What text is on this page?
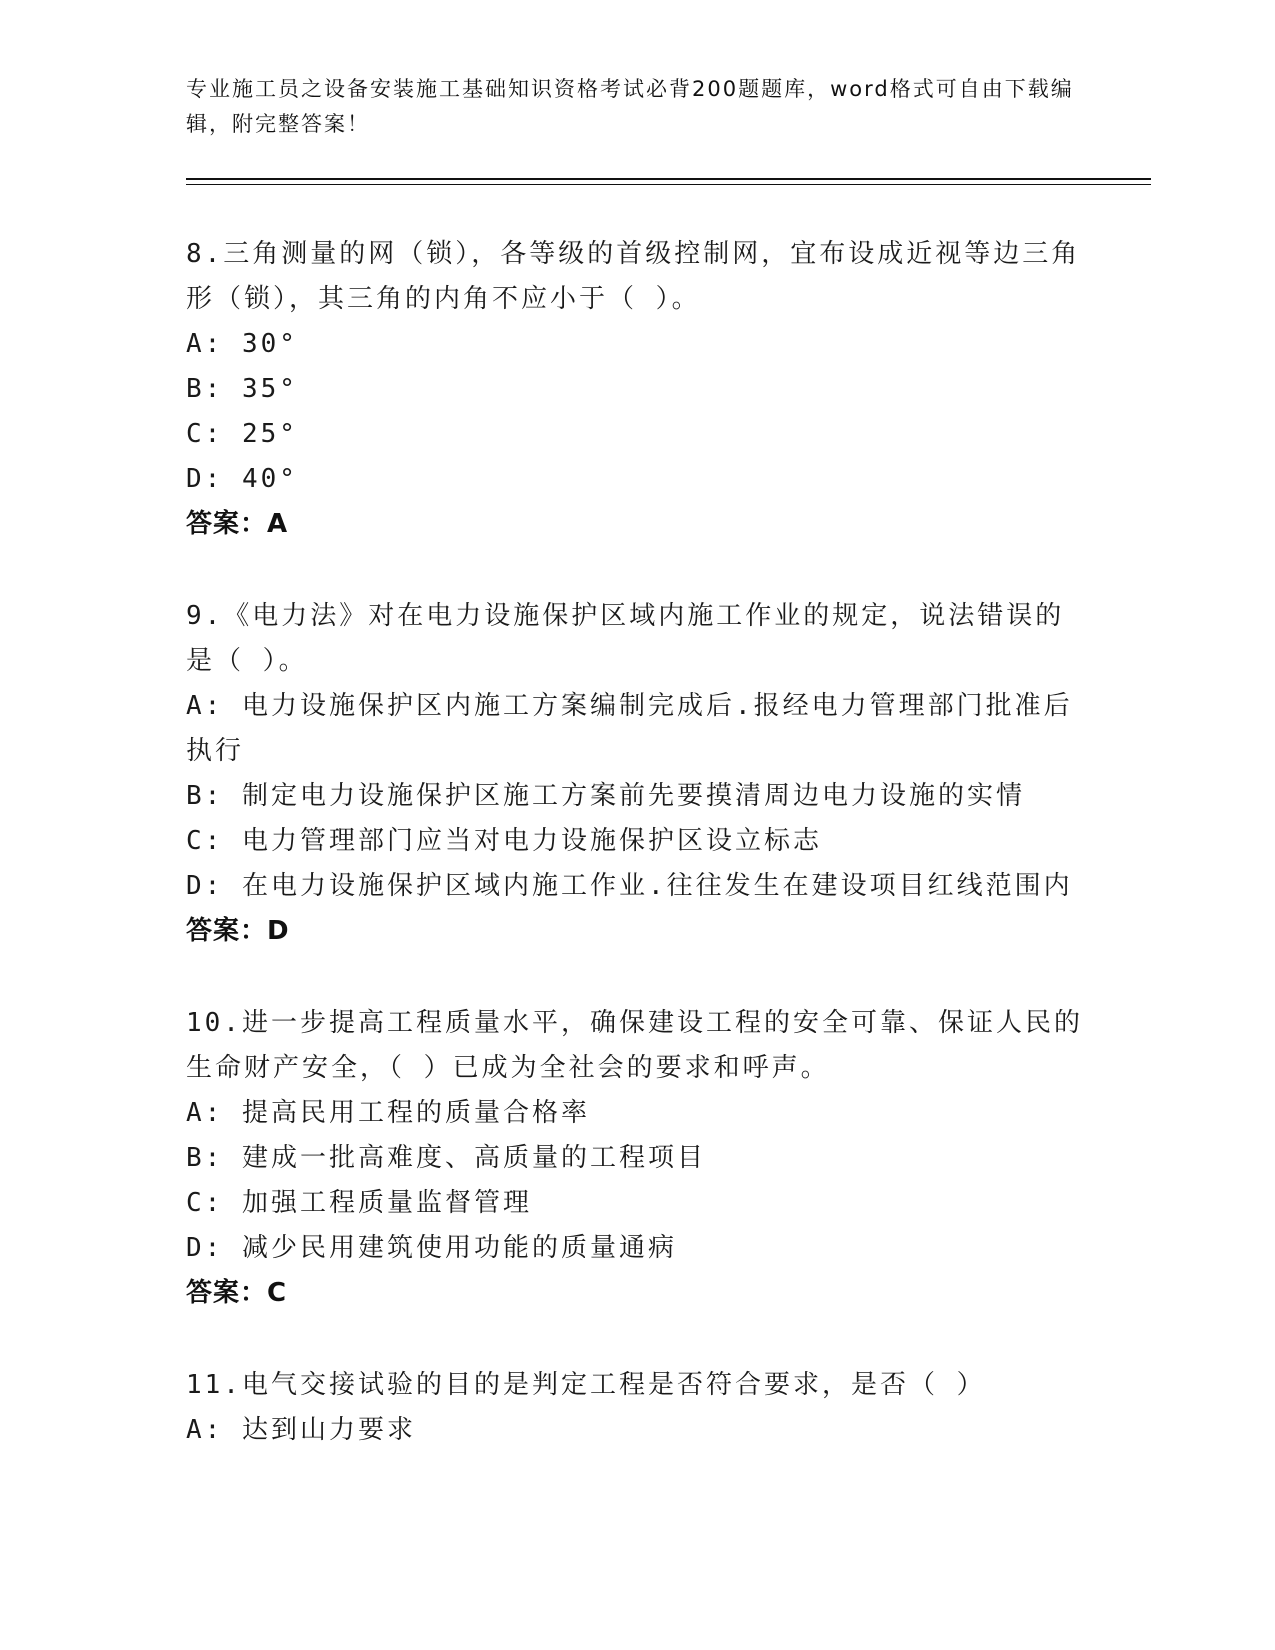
专业施工员之设备安装施工基础知识资格考试必背200题题库，word格式可自由下载编辑，附完整答案！
8.三角测量的网（锁），各等级的首级控制网，宜布设成近视等边三角形（锁），其三角的内角不应小于（ ）。
A: 30°
B: 35°
C: 25°
D: 40°
答案：A
9.《电力法》对在电力设施保护区域内施工作业的规定，说法错误的是（ ）。
A: 电力设施保护区内施工方案编制完成后.报经电力管理部门批准后执行
B: 制定电力设施保护区施工方案前先要摸清周边电力设施的实情
C: 电力管理部门应当对电力设施保护区设立标志
D: 在电力设施保护区域内施工作业.往往发生在建设项目红线范围内
答案：D
10.进一步提高工程质量水平，确保建设工程的安全可靠、保证人民的生命财产安全，（ ）已成为全社会的要求和呼声。
A: 提高民用工程的质量合格率
B: 建成一批高难度、高质量的工程项目
C: 加强工程质量监督管理
D: 减少民用建筑使用功能的质量通病
答案：C
11.电气交接试验的目的是判定工程是否符合要求，是否（ ）
A: 达到山力要求
